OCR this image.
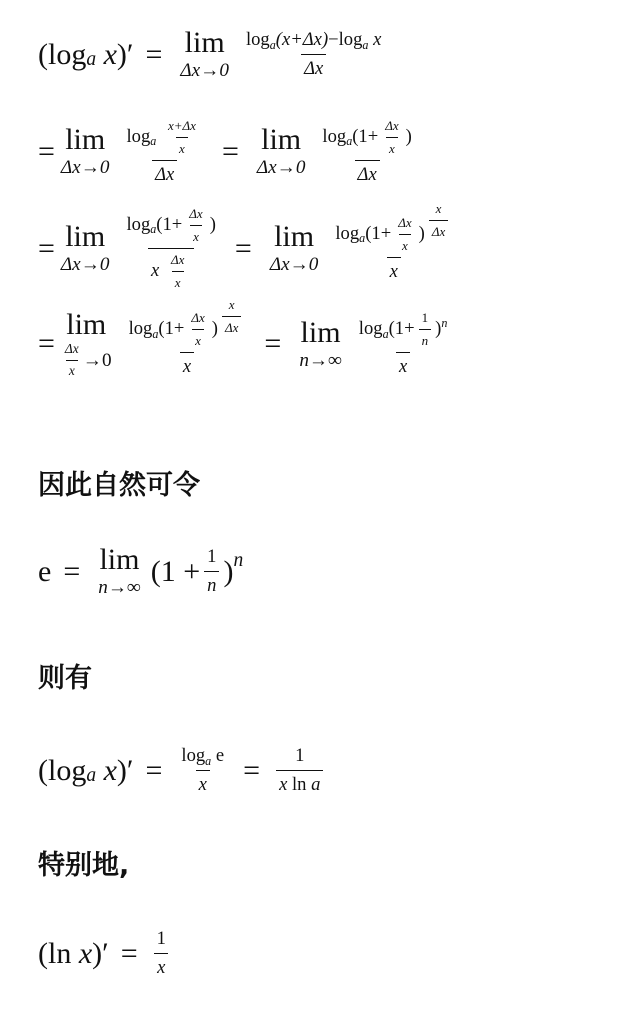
( log a
x ) ′ = lim
$\Delta x\to 0 \frac{\text{loga(x+Δx)−loga x}}{\Delta x}$
= lim
$\Delta x\to 0 \frac{\log a \frac{x+\Delta x}{x}}{\Delta x} = \lim$
$\Delta x\to 0 \frac{\log a(1+ \frac{\Delta x}{x} )}{\Delta x}$
= lim
$\Delta x\to 0 \frac{\log a(1+ \frac{\Delta x}{x} )}{x \frac{\Delta x}{x}} = \lim$
$\Delta x\to 0 \frac{\log a(1+ \frac{\Delta x}{x} ) \frac{x}{\Delta x}}{x}$
=
lim
$\frac{\Delta x}{x} \to 0 \frac{\log a(1+ \frac{\Delta x}{x} ) \frac{x}{\Delta x}}{x} = \lim$
$n\to\infty \frac{\log a(1+ \frac{1}{n} )^n}{x}$
因此自然可令
e = lim
n→∞ ($1 + \frac{1}{n}$ ) n
则有
( log a
x ) ′ = $\frac{\text{loga e}}{x} = \frac{1}{\text{x ln a}}$
特别地,
( ln
x ) ′ = $\frac{1}{x}$
